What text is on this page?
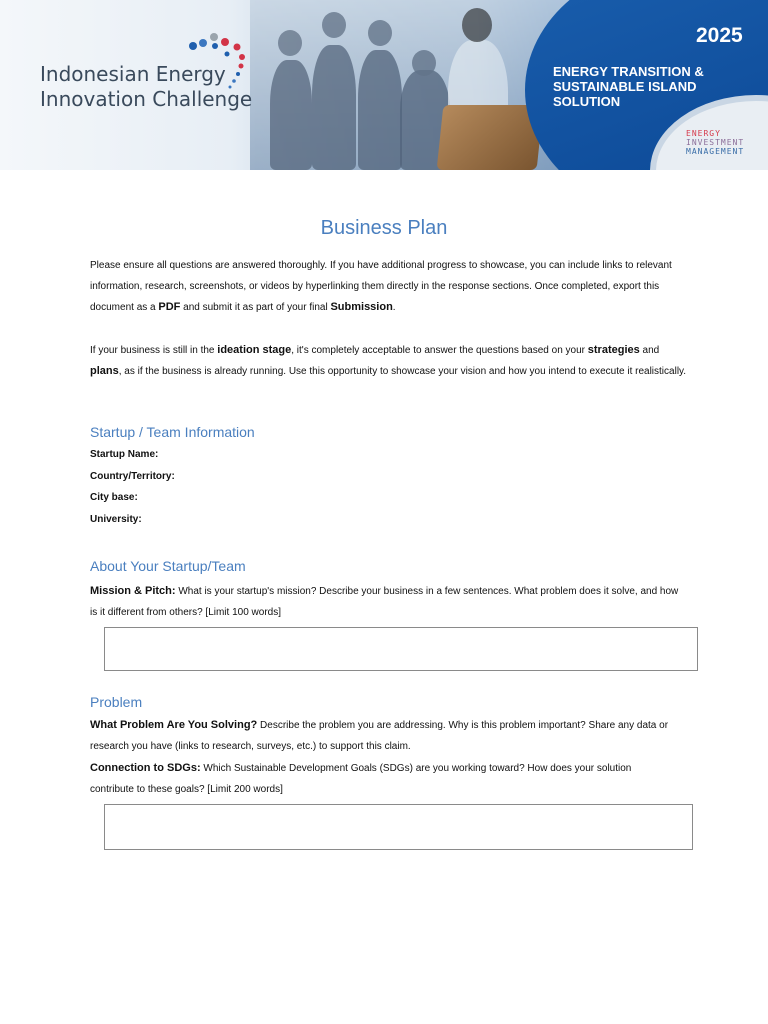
Indonesian Energy
Innovation Challenge
2025
ENERGY TRANSITION &
SUSTAINABLE ISLAND
SOLUTION
ENERGY
INVESTMENT
MANAGEMENT
Business Plan
Please ensure all questions are answered thoroughly. If you have additional progress to showcase, you can include links to relevant information, research, screenshots, or videos by hyperlinking them directly in the response sections. Once completed, export this document as a PDF and submit it as part of your final Submission.
If your business is still in the ideation stage, it's completely acceptable to answer the questions based on your strategies and plans, as if the business is already running. Use this opportunity to showcase your vision and how you intend to execute it realistically.
Startup / Team Information
Startup Name:
Country/Territory:
City base:
University:
About Your Startup/Team
Mission & Pitch: What is your startup's mission? Describe your business in a few sentences. What problem does it solve, and how is it different from others? [Limit 100 words]
Problem
What Problem Are You Solving? Describe the problem you are addressing. Why is this problem important? Share any data or research you have (links to research, surveys, etc.) to support this claim.
Connection to SDGs: Which Sustainable Development Goals (SDGs) are you working toward? How does your solution contribute to these goals? [Limit 200 words]
